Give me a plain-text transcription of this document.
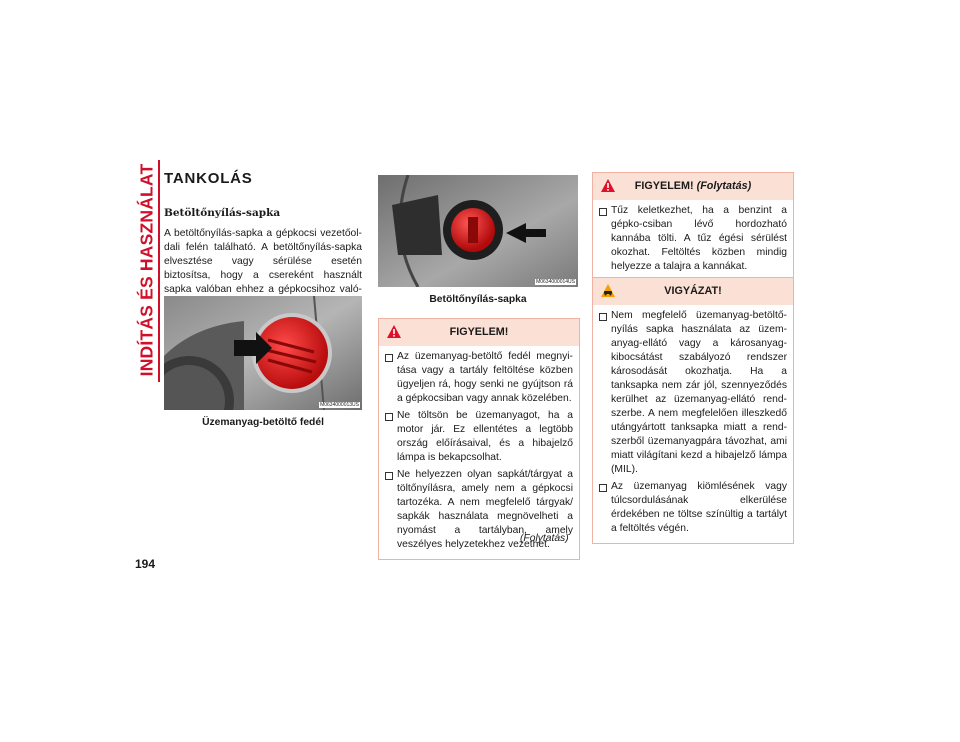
INDÍTÁS ÉS HASZNÁLAT
194
TANKOLÁS
Betöltőnyílás-sapka

A betöltőnyílás-sapka a gépkocsi vezetőol-dali felén található. A betöltőnyílás-sapka elvesztése vagy sérülése esetén biztosítsa, hogy a csereként használt sapka valóban ehhez a gépkocsihoz való-

M0634000013US
Üzemanyag-betöltő fedél
M0634000014US
Betöltőnyílás-sapka
FIGYELEM!
Az üzemanyag-betöltő fedél megnyi-tása vagy a tartály feltöltése közben ügyeljen rá, hogy senki ne gyújtson rá a gépkocsiban vagy annak közelében.
Ne töltsön be üzemanyagot, ha a motor jár. Ez ellentétes a legtöbb ország előírásaival, és a hibajelző lámpa is bekapcsolhat.
Ne helyezzen olyan sapkát/tárgyat a töltőnyílásra, amely nem a gépkocsi tartozéka. A nem megfelelő tárgyak/ sapkák használata megnövelheti a nyomást a tartályban, amely veszélyes helyzetekhez vezethet.
(Folytatás)
FIGYELEM! (Folytatás)
Tűz keletkezhet, ha a benzint a gépko-csiban lévő hordozható kannába tölti. A tűz égési sérülést okozhat. Feltöltés közben mindig helyezze a talajra a kannákat.
VIGYÁZAT!
Nem megfelelő üzemanyag-betöltő-nyílás sapka használata az üzem-anyag-ellátó vagy a károsanyag-kibocsátást szabályozó rendszer károsodását okozhatja. Ha a tanksapka nem zár jól, szennyeződés kerülhet az üzemanyag-ellátó rend-szerbe. A nem megfelelően illeszkedő utángyártott tanksapka miatt a rend-szerből üzemanyagpára távozhat, ami miatt világítani kezd a hibajelző lámpa (MIL).
Az üzemanyag kiömlésének vagy túlcsordulásának elkerülése érdekében ne töltse színültig a tartályt a feltöltés végén.
